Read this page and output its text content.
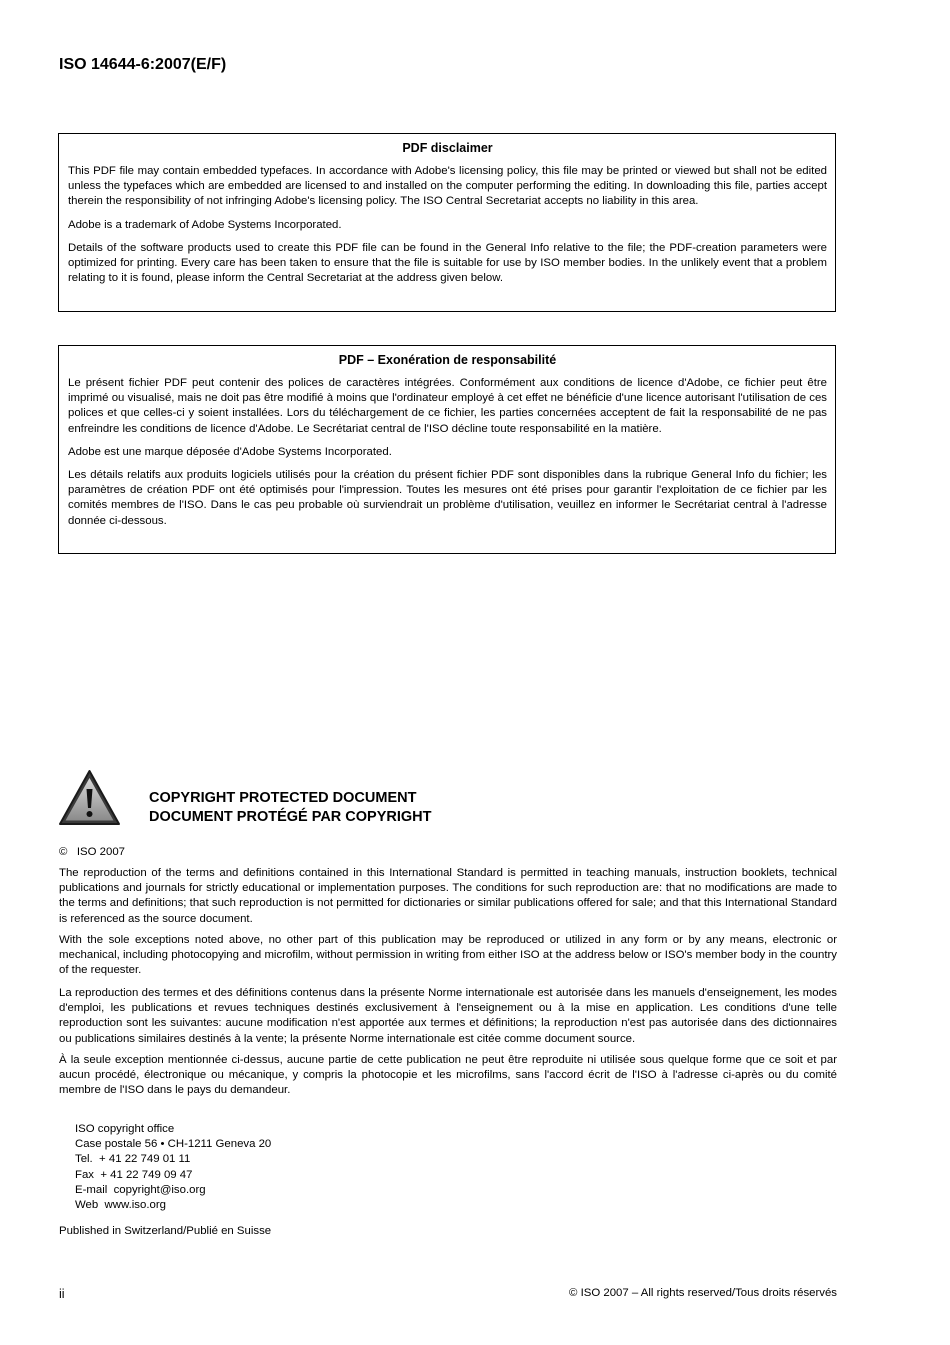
ISO 14644-6:2007(E/F)
PDF disclaimer

This PDF file may contain embedded typefaces. In accordance with Adobe's licensing policy, this file may be printed or viewed but shall not be edited unless the typefaces which are embedded are licensed to and installed on the computer performing the editing. In downloading this file, parties accept therein the responsibility of not infringing Adobe's licensing policy. The ISO Central Secretariat accepts no liability in this area.

Adobe is a trademark of Adobe Systems Incorporated.

Details of the software products used to create this PDF file can be found in the General Info relative to the file; the PDF-creation parameters were optimized for printing. Every care has been taken to ensure that the file is suitable for use by ISO member bodies. In the unlikely event that a problem relating to it is found, please inform the Central Secretariat at the address given below.

PDF – Exonération de responsabilité

Le présent fichier PDF peut contenir des polices de caractères intégrées. Conformément aux conditions de licence d'Adobe, ce fichier peut être imprimé ou visualisé, mais ne doit pas être modifié à moins que l'ordinateur employé à cet effet ne bénéficie d'une licence autorisant l'utilisation de ces polices et que celles-ci y soient installées. Lors du téléchargement de ce fichier, les parties concernées acceptent de fait la responsabilité de ne pas enfreindre les conditions de licence d'Adobe. Le Secrétariat central de l'ISO décline toute responsabilité en la matière.

Adobe est une marque déposée d'Adobe Systems Incorporated.

Les détails relatifs aux produits logiciels utilisés pour la création du présent fichier PDF sont disponibles dans la rubrique General Info du fichier; les paramètres de création PDF ont été optimisés pour l'impression. Toutes les mesures ont été prises pour garantir l'exploitation de ce fichier par les comités membres de l'ISO. Dans le cas peu probable où surviendrait un problème d'utilisation, veuillez en informer le Secrétariat central à l'adresse donnée ci-dessous.

COPYRIGHT PROTECTED DOCUMENT
DOCUMENT PROTÉGÉ PAR COPYRIGHT
©   ISO 2007

The reproduction of the terms and definitions contained in this International Standard is permitted in teaching manuals, instruction booklets, technical publications and journals for strictly educational or implementation purposes. The conditions for such reproduction are: that no modifications are made to the terms and definitions; that such reproduction is not permitted for dictionaries or similar publications offered for sale; and that this International Standard is referenced as the source document.

With the sole exceptions noted above, no other part of this publication may be reproduced or utilized in any form or by any means, electronic or mechanical, including photocopying and microfilm, without permission in writing from either ISO at the address below or ISO's member body in the country of the requester.

La reproduction des termes et des définitions contenus dans la présente Norme internationale est autorisée dans les manuels d'enseignement, les modes d'emploi, les publications et revues techniques destinés exclusivement à l'enseignement ou à la mise en application. Les conditions d'une telle reproduction sont les suivantes: aucune modification n'est apportée aux termes et définitions; la reproduction n'est pas autorisée dans des dictionnaires ou publications similaires destinés à la vente; la présente Norme internationale est citée comme document source.

À la seule exception mentionnée ci-dessus, aucune partie de cette publication ne peut être reproduite ni utilisée sous quelque forme que ce soit et par aucun procédé, électronique ou mécanique, y compris la photocopie et les microfilms, sans l'accord écrit de l'ISO à l'adresse ci-après ou du comité membre de l'ISO dans le pays du demandeur.

ISO copyright office
Case postale 56 • CH-1211 Geneva 20
Tel.  + 41 22 749 01 11
Fax  + 41 22 749 09 47
E-mail  copyright@iso.org
Web  www.iso.org
Published in Switzerland/Publié en Suisse
ii	© ISO 2007 – All rights reserved/Tous droits réservés
